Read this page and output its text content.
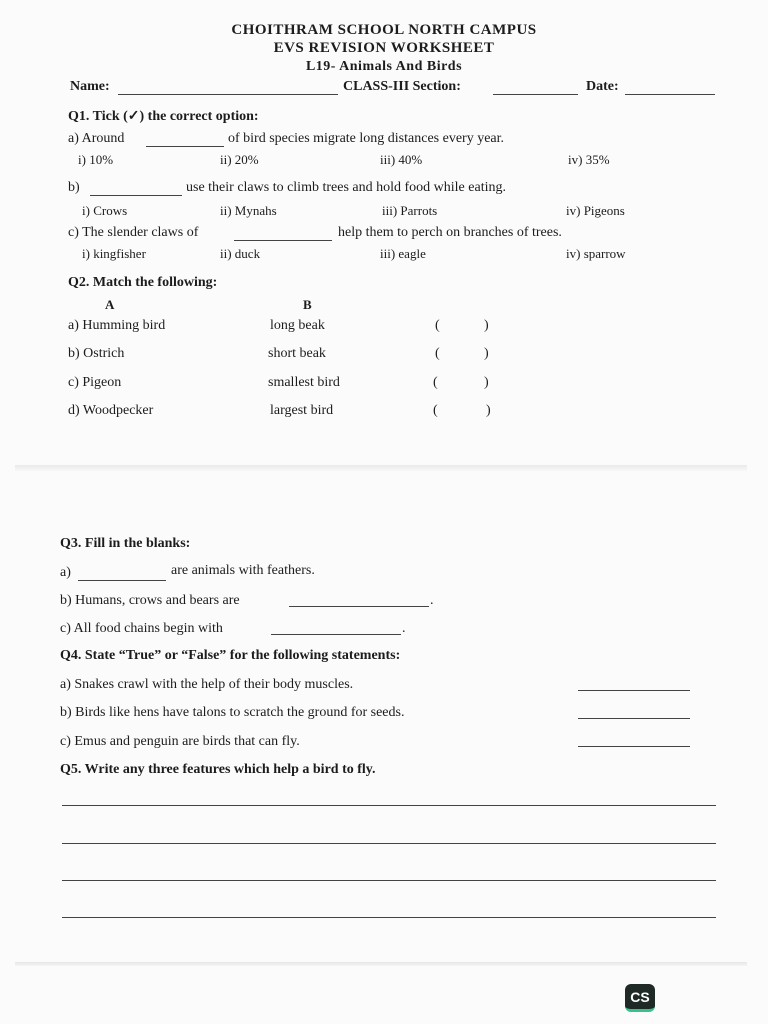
CHOITHRAM SCHOOL NORTH CAMPUS
EVS REVISION WORKSHEET
L19- Animals And Birds
Name:	CLASS-III Section:	Date:
Q1. Tick (✓) the correct option:
a) Around	of bird species migrate long distances every year.
i) 10%	ii) 20%	iii) 40%	iv) 35%
b)	use their claws to climb trees and hold food while eating.
i) Crows	ii) Mynahs	iii) Parrots	iv) Pigeons
c) The slender claws of	help them to perch on branches of trees.
i) kingfisher	ii) duck	iii) eagle	iv) sparrow
Q2. Match the following:
A	B
a) Humming bird	long beak	(	)
b) Ostrich	short beak	(	)
c) Pigeon	smallest bird	(	)
d) Woodpecker	largest bird	(	)
Q3. Fill in the blanks:
a)	are animals with feathers.
b) Humans, crows and bears are	.
c) All food chains begin with	.
Q4. State “True” or “False” for the following statements:
a) Snakes crawl with the help of their body muscles.
b) Birds like hens have talons to scratch the ground for seeds.
c) Emus and penguin are birds that can fly.
Q5. Write any three features which help a bird to fly.
CS
